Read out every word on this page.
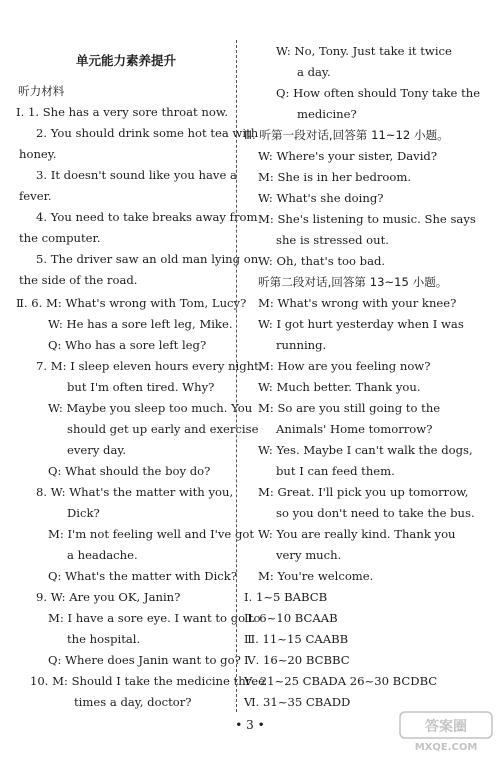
单元能力素养提升
听力材料
Ⅰ. 1. She has a very sore throat now.
2. You should drink some hot tea with
honey.
3. It doesn't sound like you have a
fever.
4. You need to take breaks away from
the computer.
5. The driver saw an old man lying on
the side of the road.
Ⅱ. 6. M: What's wrong with Tom, Lucy?
W: He has a sore left leg, Mike.
Q: Who has a sore left leg?
7. M: I sleep eleven hours every night,
but I'm often tired. Why?
W: Maybe you sleep too much. You
should get up early and exercise
every day.
Q: What should the boy do?
8. W: What's the matter with you,
Dick?
M: I'm not feeling well and I've got
a headache.
Q: What's the matter with Dick?
9. W: Are you OK, Janin?
M: I have a sore eye. I want to go to
the hospital.
Q: Where does Janin want to go?
10. M: Should I take the medicine three
times a day, doctor?
W: No, Tony. Just take it twice
a day.
Q: How often should Tony take the
medicine?
Ⅲ. 听第一段对话,回答第 11~12 小题。
W: Where's your sister, David?
M: She is in her bedroom.
W: What's she doing?
M: She's listening to music. She says
she is stressed out.
W: Oh, that's too bad.
听第二段对话,回答第 13~15 小题。
M: What's wrong with your knee?
W: I got hurt yesterday when I was
running.
M: How are you feeling now?
W: Much better. Thank you.
M: So are you still going to the
Animals' Home tomorrow?
W: Yes. Maybe I can't walk the dogs,
but I can feed them.
M: Great. I'll pick you up tomorrow,
so you don't need to take the bus.
W: You are really kind. Thank you
very much.
M: You're welcome.
Ⅰ. 1~5 BABCB
Ⅱ. 6~10 BCAAB
Ⅲ. 11~15 CAABB
Ⅳ. 16~20 BCBBC
Ⅴ. 21~25 CBADA 26~30 BCDBC
Ⅵ. 31~35 CBADD
• 3 •	答案圈
MXQE.COM
